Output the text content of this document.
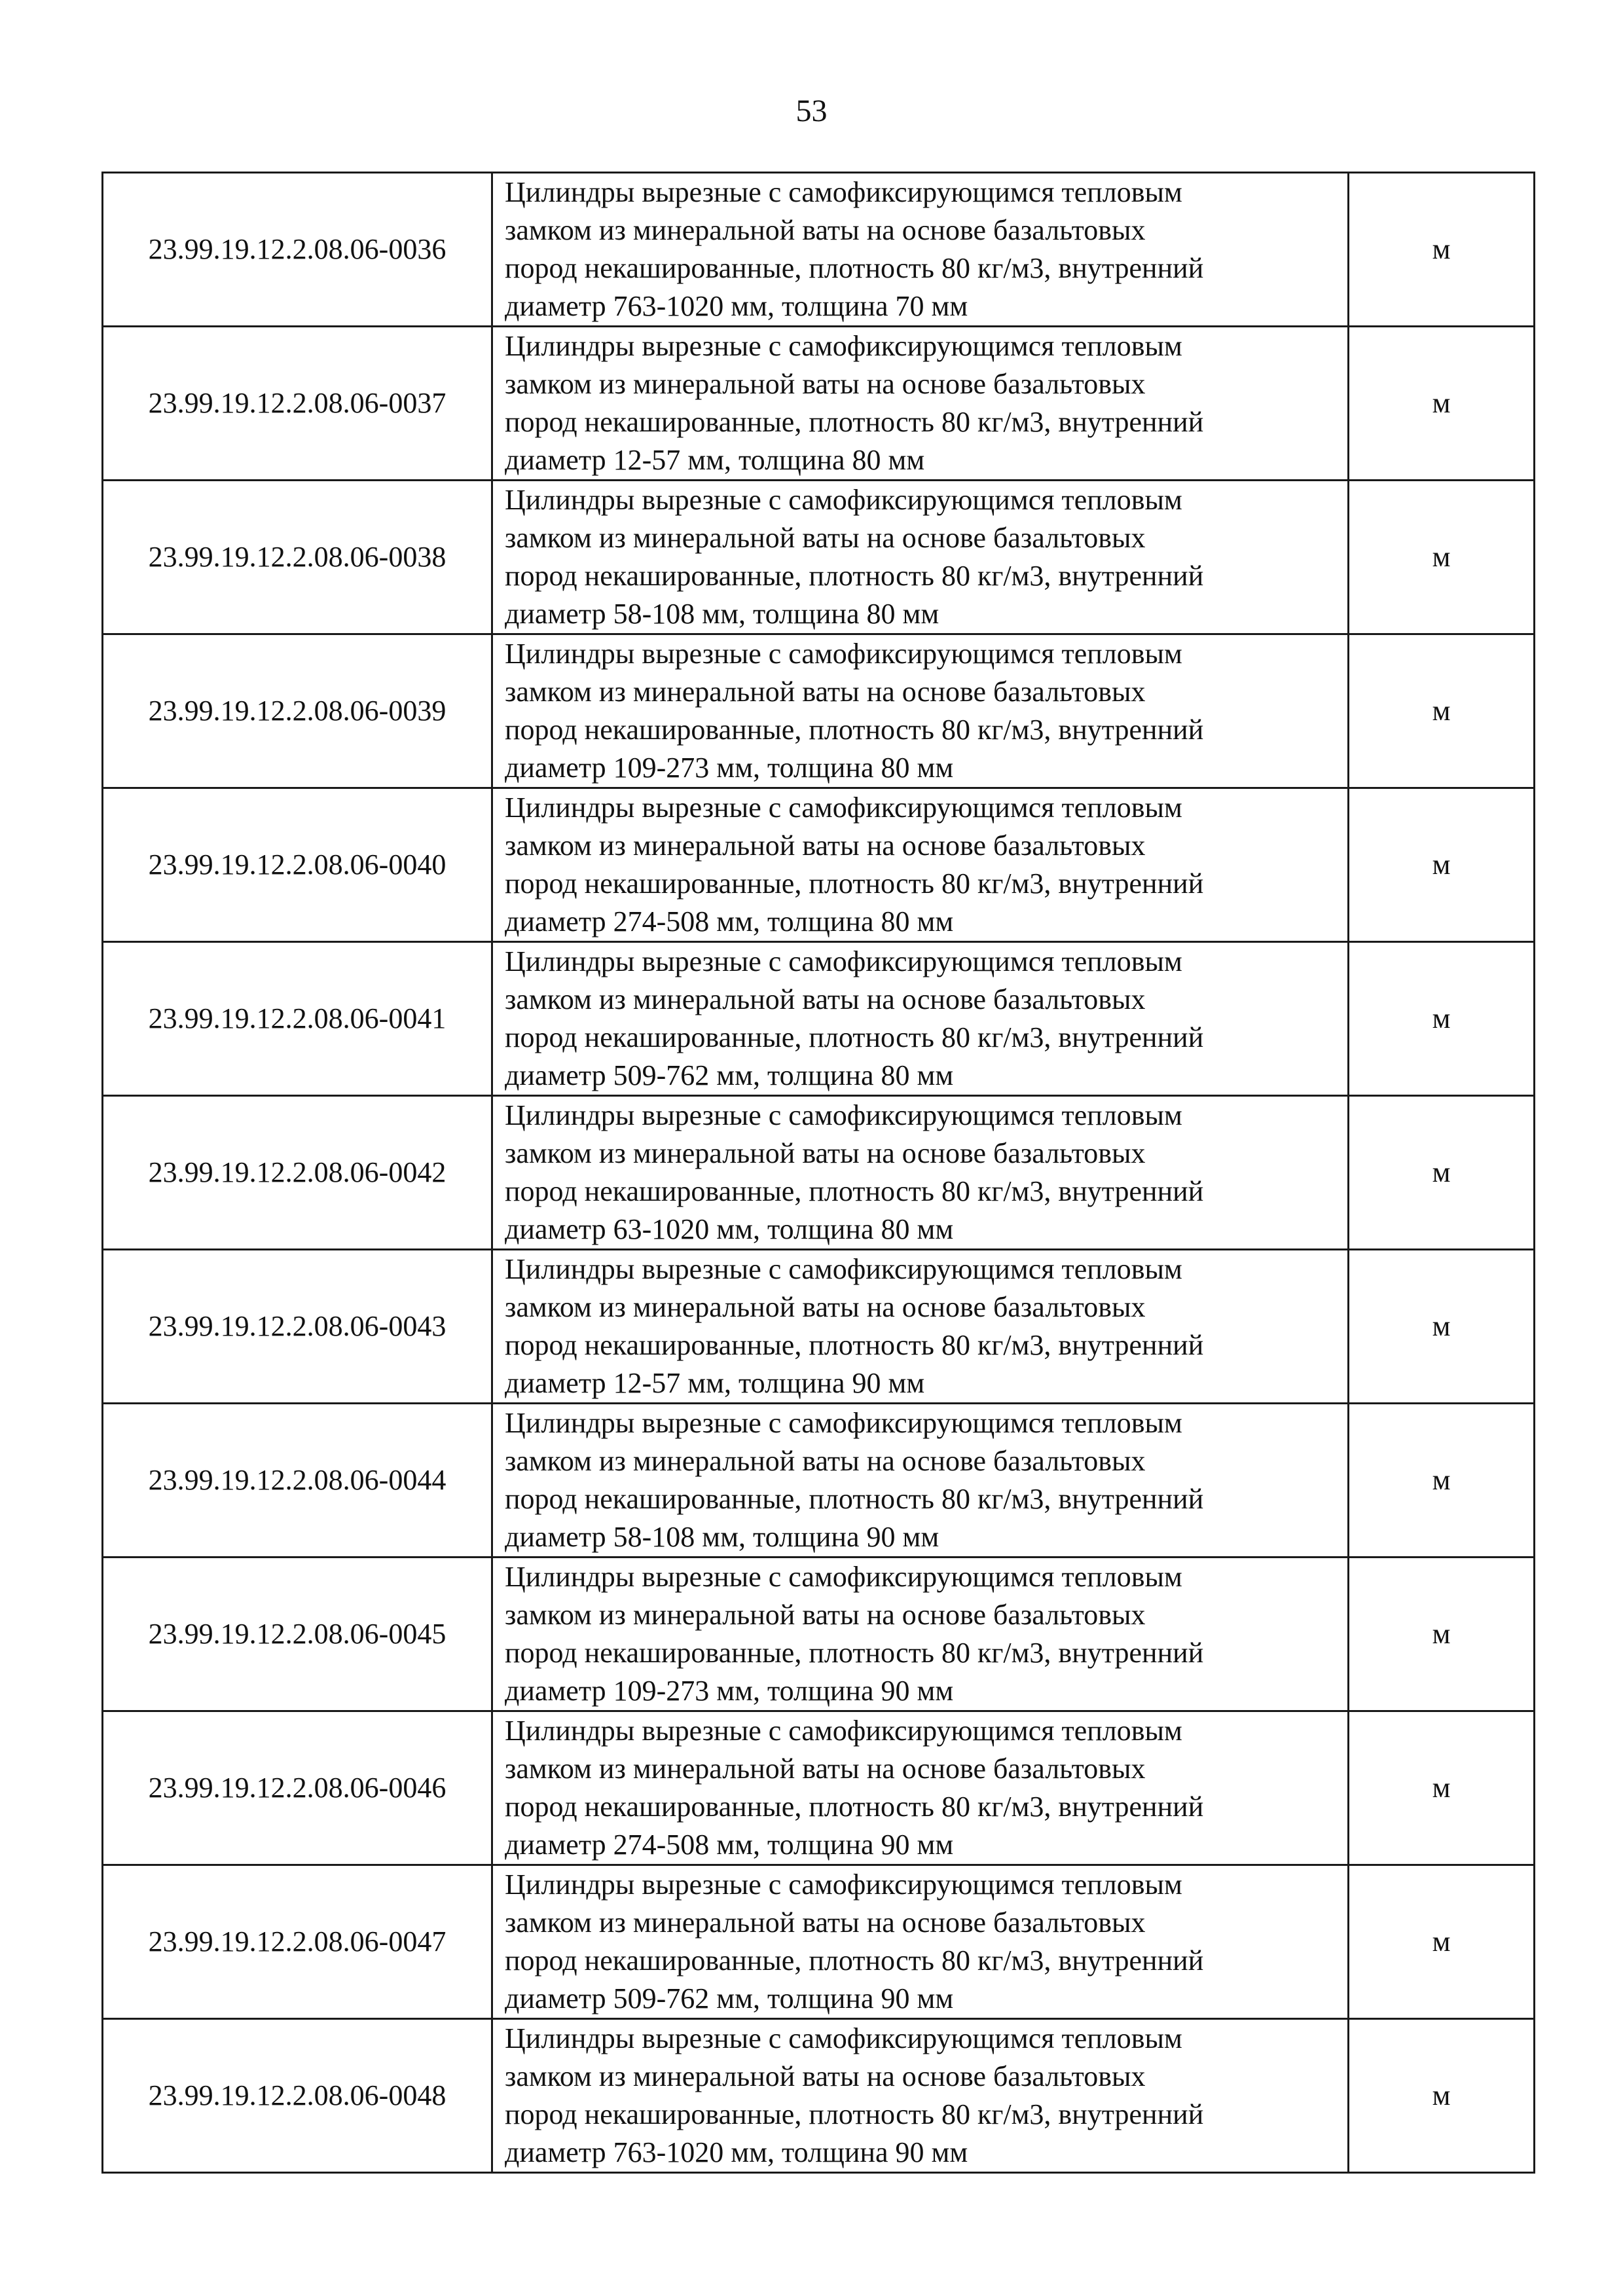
53
23.99.19.12.2.08.06-0036	Цилиндры вырезные с самофиксирующимся тепловым
замком из минеральной ваты на основе базальтовых
пород некашированные, плотность 80 кг/м3, внутренний
диаметр 763-1020 мм, толщина 70 мм	м
23.99.19.12.2.08.06-0037	Цилиндры вырезные с самофиксирующимся тепловым
замком из минеральной ваты на основе базальтовых
пород некашированные, плотность 80 кг/м3, внутренний
диаметр 12-57 мм, толщина 80 мм	м
23.99.19.12.2.08.06-0038	Цилиндры вырезные с самофиксирующимся тепловым
замком из минеральной ваты на основе базальтовых
пород некашированные, плотность 80 кг/м3, внутренний
диаметр 58-108 мм, толщина 80 мм	м
23.99.19.12.2.08.06-0039	Цилиндры вырезные с самофиксирующимся тепловым
замком из минеральной ваты на основе базальтовых
пород некашированные, плотность 80 кг/м3, внутренний
диаметр 109-273 мм, толщина 80 мм	м
23.99.19.12.2.08.06-0040	Цилиндры вырезные с самофиксирующимся тепловым
замком из минеральной ваты на основе базальтовых
пород некашированные, плотность 80 кг/м3, внутренний
диаметр 274-508 мм, толщина 80 мм	м
23.99.19.12.2.08.06-0041	Цилиндры вырезные с самофиксирующимся тепловым
замком из минеральной ваты на основе базальтовых
пород некашированные, плотность 80 кг/м3, внутренний
диаметр 509-762 мм, толщина 80 мм	м
23.99.19.12.2.08.06-0042	Цилиндры вырезные с самофиксирующимся тепловым
замком из минеральной ваты на основе базальтовых
пород некашированные, плотность 80 кг/м3, внутренний
диаметр 63-1020 мм, толщина 80 мм	м
23.99.19.12.2.08.06-0043	Цилиндры вырезные с самофиксирующимся тепловым
замком из минеральной ваты на основе базальтовых
пород некашированные, плотность 80 кг/м3, внутренний
диаметр 12-57 мм, толщина 90 мм	м
23.99.19.12.2.08.06-0044	Цилиндры вырезные с самофиксирующимся тепловым
замком из минеральной ваты на основе базальтовых
пород некашированные, плотность 80 кг/м3, внутренний
диаметр 58-108 мм, толщина 90 мм	м
23.99.19.12.2.08.06-0045	Цилиндры вырезные с самофиксирующимся тепловым
замком из минеральной ваты на основе базальтовых
пород некашированные, плотность 80 кг/м3, внутренний
диаметр 109-273 мм, толщина 90 мм	м
23.99.19.12.2.08.06-0046	Цилиндры вырезные с самофиксирующимся тепловым
замком из минеральной ваты на основе базальтовых
пород некашированные, плотность 80 кг/м3, внутренний
диаметр 274-508 мм, толщина 90 мм	м
23.99.19.12.2.08.06-0047	Цилиндры вырезные с самофиксирующимся тепловым
замком из минеральной ваты на основе базальтовых
пород некашированные, плотность 80 кг/м3, внутренний
диаметр 509-762 мм, толщина 90 мм	м
23.99.19.12.2.08.06-0048	Цилиндры вырезные с самофиксирующимся тепловым
замком из минеральной ваты на основе базальтовых
пород некашированные, плотность 80 кг/м3, внутренний
диаметр 763-1020 мм, толщина 90 мм	м
